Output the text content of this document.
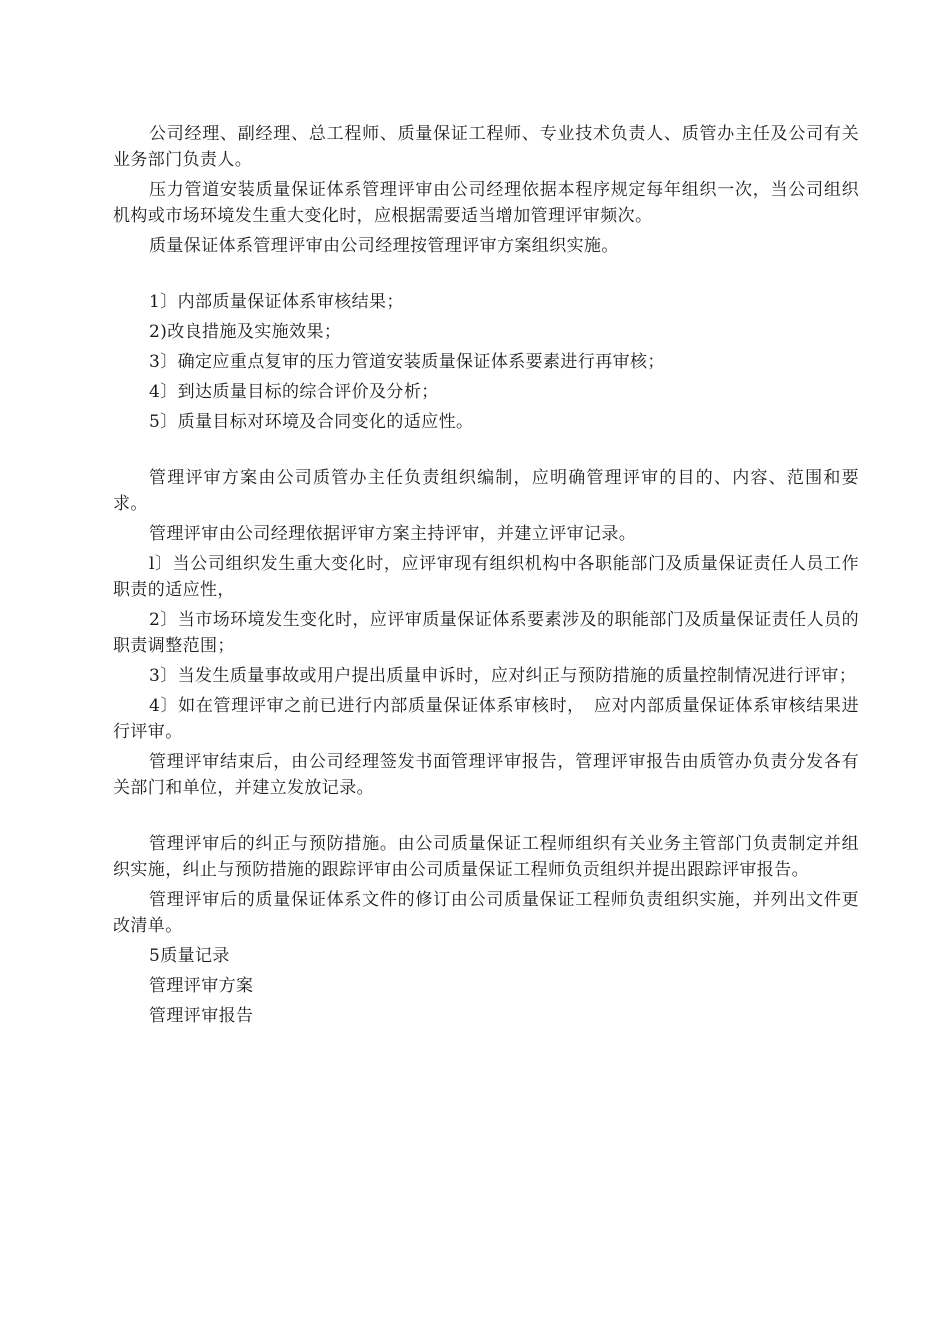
公司经理、副经理、总工程师、质量保证工程师、专业技术负责人、质管办主任及公司有关业务部门负责人。

压力管道安装质量保证体系管理评审由公司经理依据本程序规定每年组织一次，当公司组织机构或市场环境发生重大变化时，应根据需要适当增加管理评审频次。

质量保证体系管理评审由公司经理按管理评审方案组织实施。

1〕内部质量保证体系审核结果；

2)改良措施及实施效果；

3〕确定应重点复审的压力管道安装质量保证体系要素进行再审核；

4〕到达质量目标的综合评价及分析；

5〕质量目标对环境及合同变化的适应性。

管理评审方案由公司质管办主任负责组织编制，应明确管理评审的目的、内容、范围和要求。

管理评审由公司经理依据评审方案主持评审，并建立评审记录。

l〕当公司组织发生重大变化时，应评审现有组织机构中各职能部门及质量保证责任人员工作职责的适应性，

2〕当市场环境发生变化时，应评审质量保证体系要素涉及的职能部门及质量保证责任人员的职责调整范围；

3〕当发生质量事故或用户提出质量申诉时，应对纠正与预防措施的质量控制情况进行评审；

4〕如在管理评审之前已进行内部质量保证体系审核时，　应对内部质量保证体系审核结果进行评审。

管理评审结束后，由公司经理签发书面管理评审报告，管理评审报告由质管办负责分发各有关部门和单位，并建立发放记录。

管理评审后的纠正与预防措施。由公司质量保证工程师组织有关业务主管部门负责制定并组织实施，纠止与预防措施的跟踪评审由公司质量保证工程师负贡组织并提出跟踪评审报告。

管理评审后的质量保证体系文件的修订由公司质量保证工程师负责组织实施，并列出文件更改清单。

5质量记录

管理评审方案

管理评审报告
